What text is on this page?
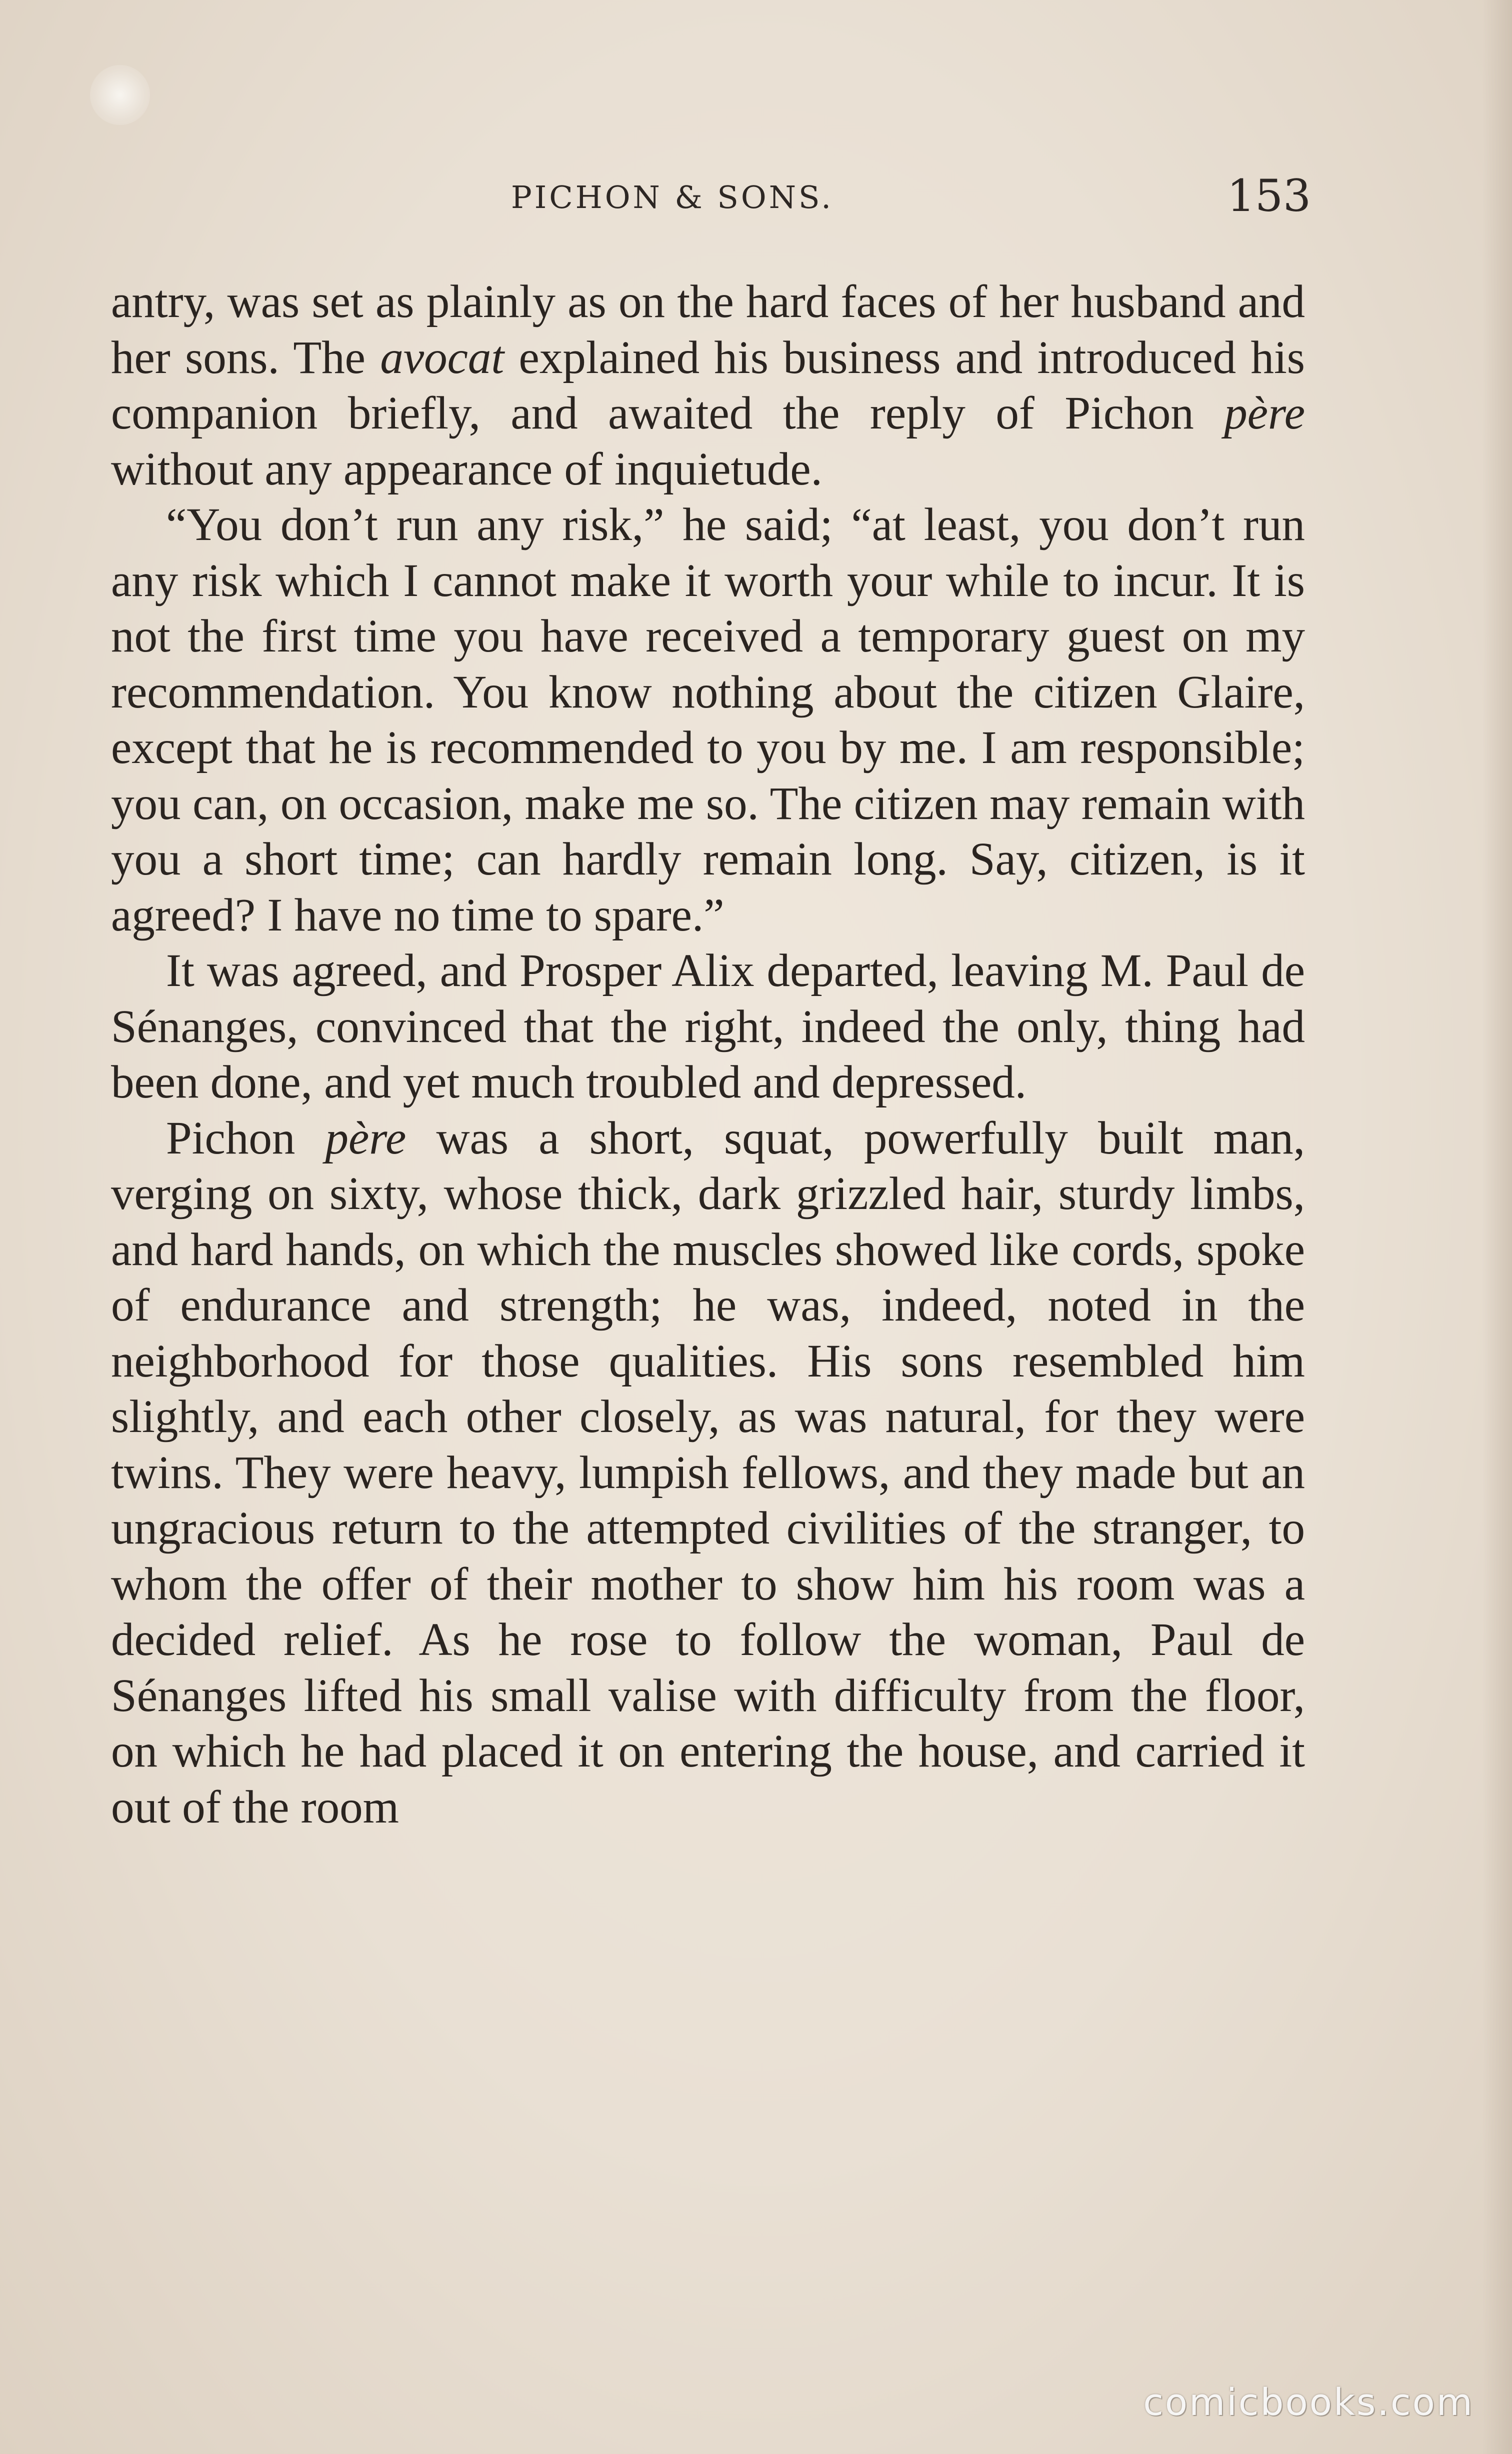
PICHON & SONS.	153

antry, was set as plainly as on the hard faces of her husband and her sons. The avocat explained his business and introduced his companion briefly, and awaited the reply of Pichon père without any appearance of inquietude.

“You don’t run any risk,” he said; “at least, you don’t run any risk which I cannot make it worth your while to incur. It is not the first time you have received a temporary guest on my recommendation. You know nothing about the citizen Glaire, except that he is recommended to you by me. I am responsible; you can, on occasion, make me so. The citizen may remain with you a short time; can hardly remain long. Say, citizen, is it agreed? I have no time to spare.”

It was agreed, and Prosper Alix departed, leaving M. Paul de Sénanges, convinced that the right, indeed the only, thing had been done, and yet much troubled and depressed.

Pichon père was a short, squat, powerfully built man, verging on sixty, whose thick, dark grizzled hair, sturdy limbs, and hard hands, on which the muscles showed like cords, spoke of endurance and strength; he was, indeed, noted in the neighborhood for those qualities. His sons resembled him slightly, and each other closely, as was natural, for they were twins. They were heavy, lumpish fellows, and they made but an ungracious return to the attempted civilities of the stranger, to whom the offer of their mother to show him his room was a decided relief. As he rose to follow the woman, Paul de Sénanges lifted his small valise with difficulty from the floor, on which he had placed it on entering the house, and carried it out of the room

comicbooks.com
